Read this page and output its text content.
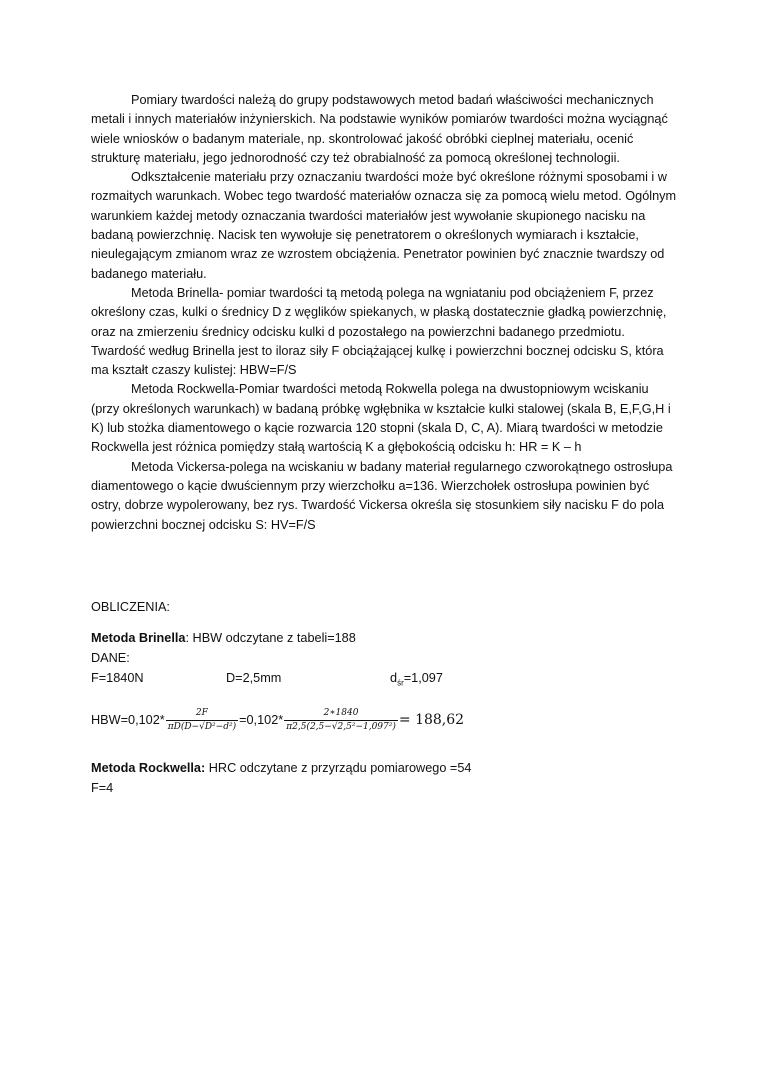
Pomiary twardości należą do grupy podstawowych metod badań właściwości mechanicznych metali i innych materiałów inżynierskich. Na podstawie wyników pomiarów twardości można wyciągnąć wiele wniosków o badanym materiale, np. skontrolować jakość obróbki cieplnej materiału, ocenić strukturę materiału, jego jednorodność czy też obrabialność za pomocą określonej technologii.

Odkształcenie materiału przy oznaczaniu twardości może być określone różnymi sposobami i w rozmaitych warunkach. Wobec tego twardość materiałów oznacza się za pomocą wielu metod. Ogólnym warunkiem każdej metody oznaczania twardości materiałów jest wywołanie skupionego nacisku na badaną powierzchnię. Nacisk ten wywołuje się penetratorem o określonych wymiarach i kształcie, nieulegającym zmianom wraz ze wzrostem obciążenia. Penetrator powinien być znacznie twardszy od badanego materiału.

Metoda Brinella- pomiar twardości tą metodą polega na wgniataniu pod obciążeniem F, przez określony czas, kulki o średnicy D z węglików spiekanych, w płaską dostatecznie gładką powierzchnię, oraz na zmierzeniu średnicy odcisku kulki d pozostałego na powierzchni badanego przedmiotu. Twardość według Brinella jest to iloraz siły F obciążającej kulkę i powierzchni bocznej odcisku S, która ma kształt czaszy kulistej: HBW=F/S

Metoda Rockwella-Pomiar twardości metodą Rokwella polega na dwustopniowym wciskaniu (przy określonych warunkach) w badaną próbkę wgłębnika w kształcie kulki stalowej (skala B, E,F,G,H i K) lub stożka diamentowego o kącie rozwarcia 120 stopni (skala D, C, A). Miarą twardości w metodzie Rockwella jest różnica pomiędzy stałą wartością K a głębokością odcisku h: HR = K – h

Metoda Vickersa-polega na wciskaniu w badany materiał regularnego czworokątnego ostrosłupa diamentowego o kącie dwuściennym przy wierzchołku a=136. Wierzchołek ostrosłupa powinien być ostry, dobrze wypolerowany, bez rys. Twardość Vickersa określa się stosunkiem siły nacisku F do pola powierzchni bocznej odcisku S: HV=F/S

OBLICZENIA:
Metoda Brinella: HBW odczytane z tabeli=188
DANE:
F=1840N	D=2,5mm	$d_{śr}=1,097$
$HBW=0,102* \frac{2F}{\text{πD(D−√D²−d²)}} =0,102* \frac{2∗1840}{\text{π2,5(2,5−√2,5²−1,097²)}} = 188,62$
Metoda Rockwella: HRC odczytane z przyrządu pomiarowego =54
F=4
